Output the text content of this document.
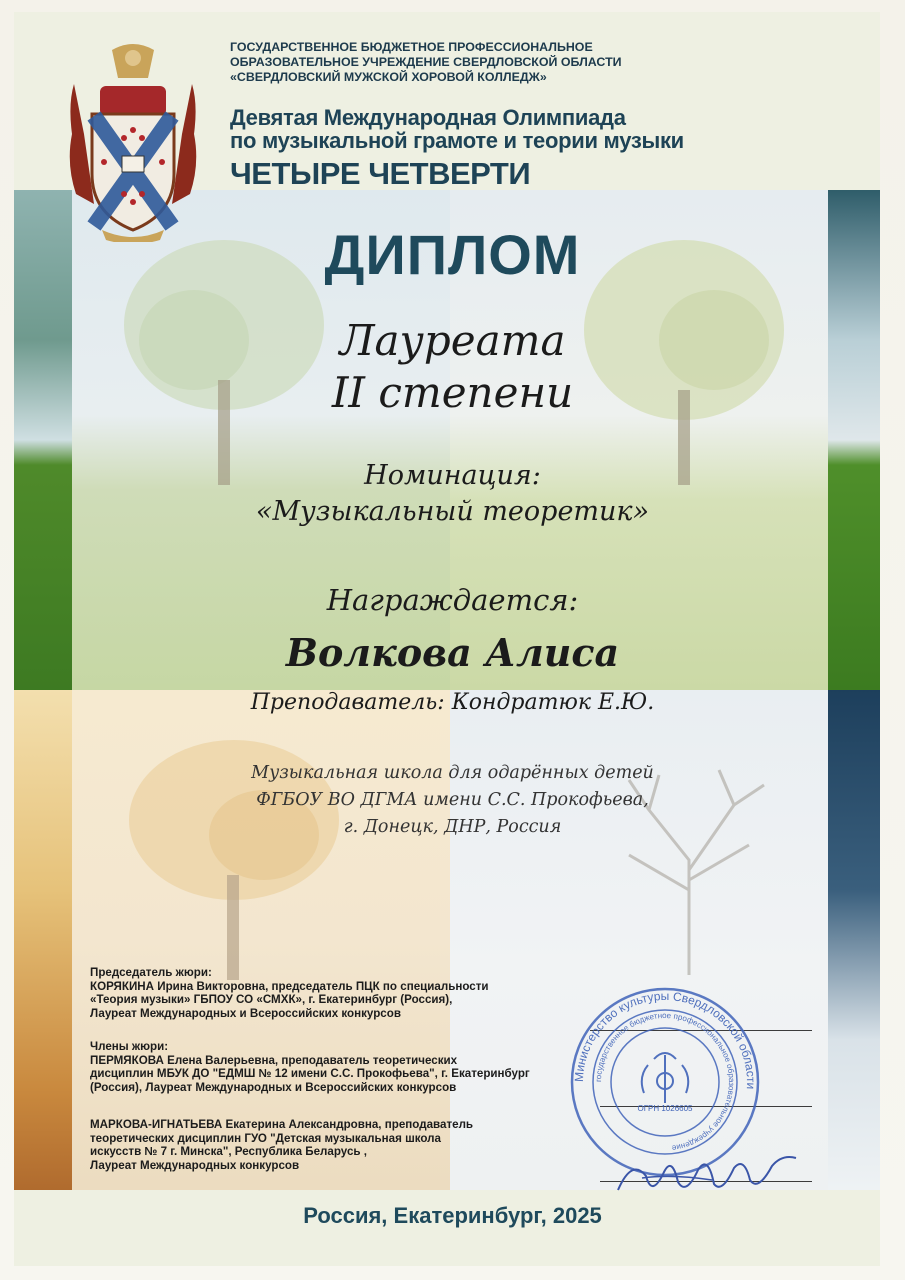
ГОСУДАРСТВЕННОЕ БЮДЖЕТНОЕ ПРОФЕССИОНАЛЬНОЕ
ОБРАЗОВАТЕЛЬНОЕ УЧРЕЖДЕНИЕ СВЕРДЛОВСКОЙ ОБЛАСТИ
«СВЕРДЛОВСКИЙ МУЖСКОЙ ХОРОВОЙ КОЛЛЕДЖ»
Девятая Международная Олимпиада
по музыкальной грамоте и теории музыки
ЧЕТЫРЕ ЧЕТВЕРТИ
ДИПЛОМ
Лауреата
II степени
Номинация:
«Музыкальный теоретик»
Награждается:
Волкова Алиса
Преподаватель: Кондратюк Е.Ю.
Музыкальная школа для одарённых детей
ФГБОУ ВО ДГМА имени С.С. Прокофьева,
г. Донецк, ДНР, Россия
Председатель жюри:
КОРЯКИНА Ирина Викторовна, председатель ПЦК по специальности
«Теория музыки» ГБПОУ СО «СМХК», г. Екатеринбург (Россия),
Лауреат Международных и Всероссийских конкурсов
Члены жюри:
ПЕРМЯКОВА Елена Валерьевна, преподаватель теоретических
дисциплин МБУК ДО "ЕДМШ № 12 имени С.С. Прокофьева", г. Екатеринбург
(Россия), Лауреат Международных и Всероссийских конкурсов
МАРКОВА-ИГНАТЬЕВА Екатерина Александровна, преподаватель
теоретических дисциплин ГУО "Детская музыкальная школа
искусств № 7 г. Минска", Республика Беларусь ,
Лауреат Международных конкурсов
Министерство культуры Свердловской области
государственное бюджетное профессиональное образовательное учреждение
ОГРН 1026605
Россия, Екатеринбург, 2025
